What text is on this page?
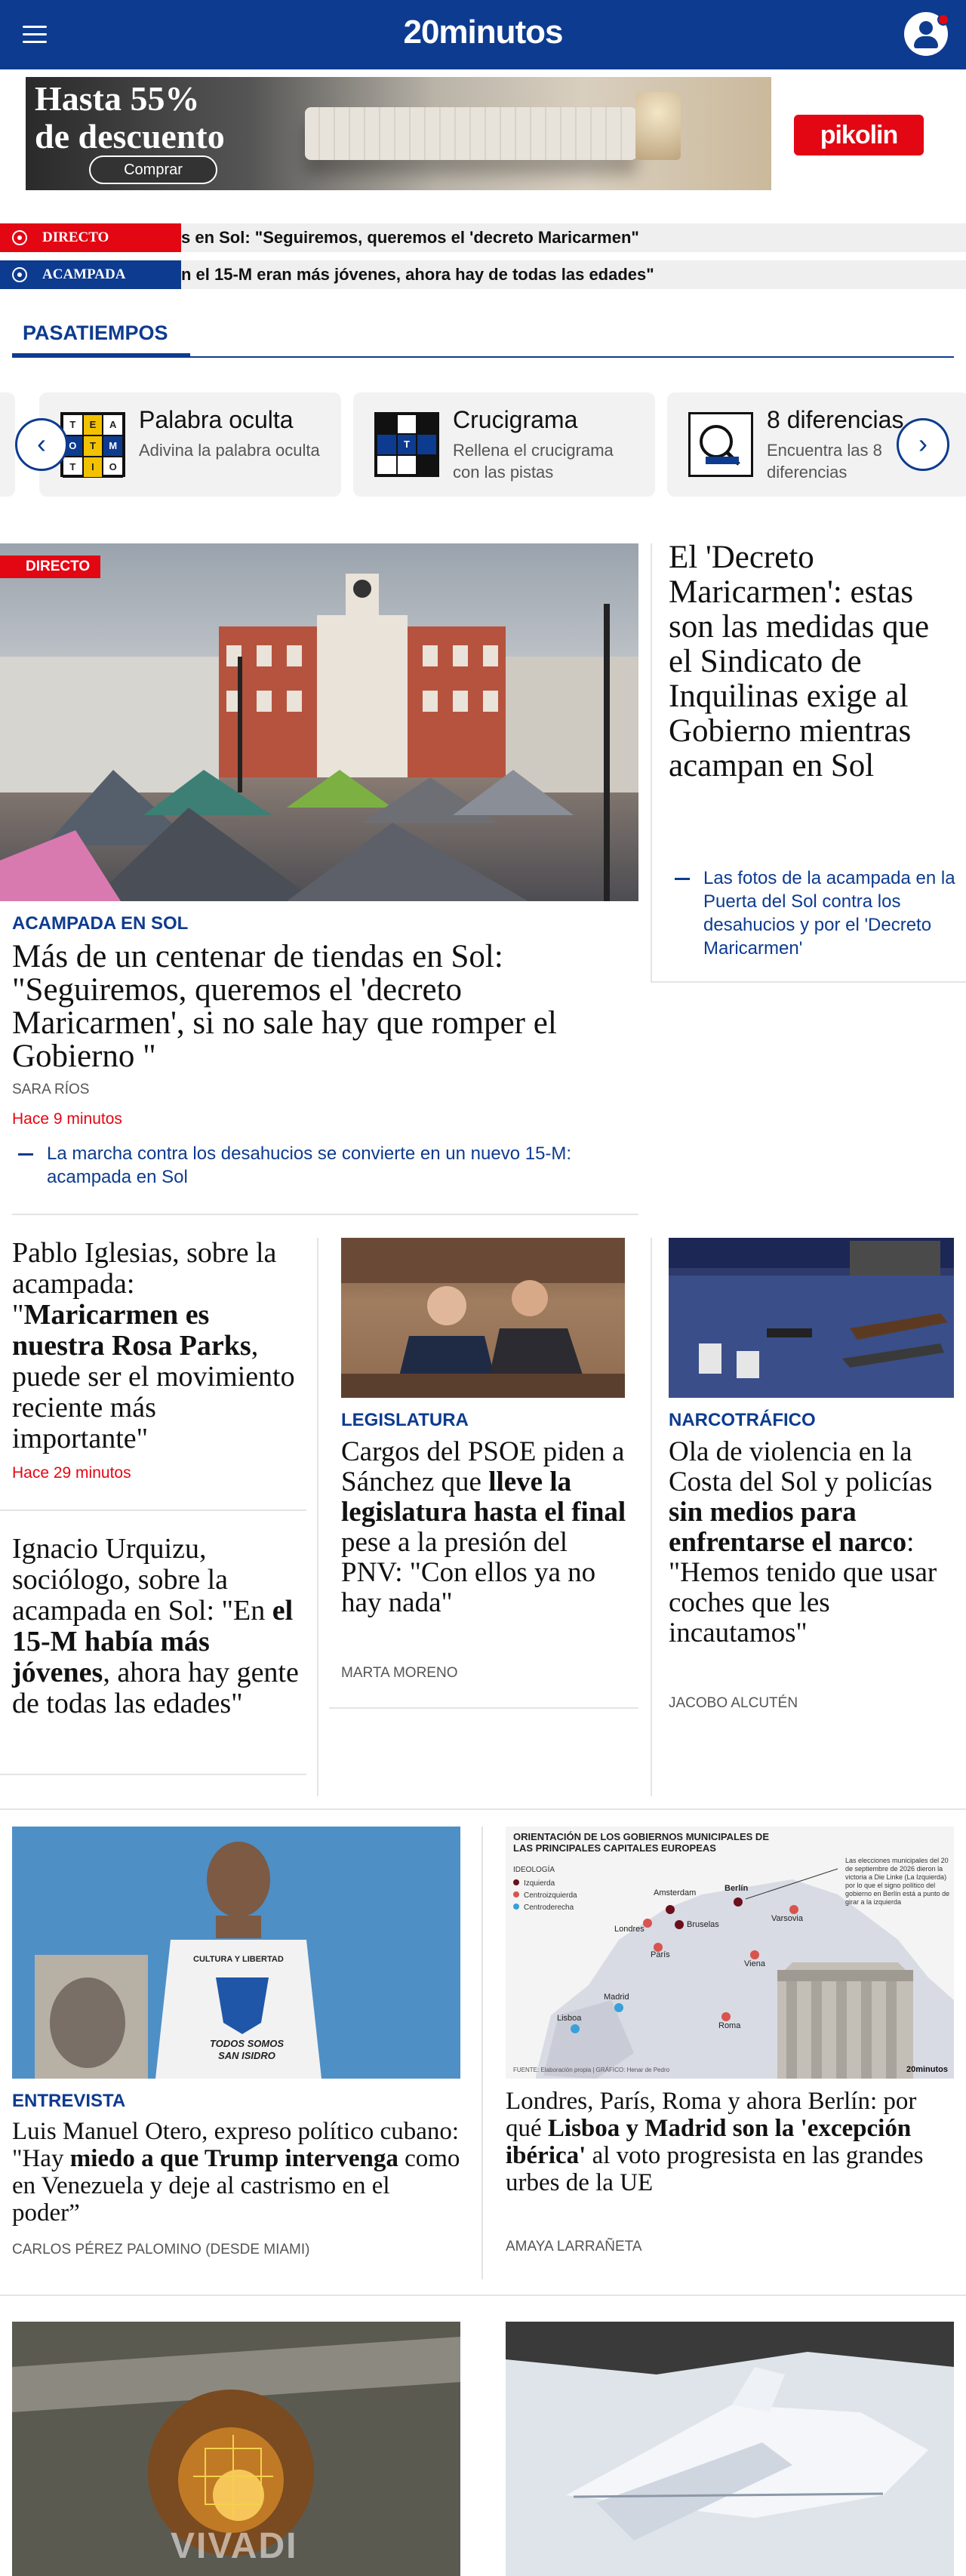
20minutos
Hasta 55%
de descuento
Comprar
pikolin
DIRECTO	s en Sol: "Seguiremos, queremos el 'decreto Maricarmen"
ACAMPADA	n el 15-M eran más jóvenes, ahora hay de todas las edades"
PASATIEMPOS
T	E	A
O	T	M
T	I	O
Palabra oculta
Adivina la palabra oculta	T
Crucigrama
Rellena el crucigrama con las pistas
8 diferencias
Encuentra las 8 diferencias
‹	›
DIRECTO
ACAMPADA EN SOL
Más de un centenar de tiendas en Sol: "Seguiremos, queremos el 'decreto Maricarmen', si no sale hay que romper el Gobierno "
SARA RÍOS
Hace 9 minutos
La marcha contra los desahucios se convierte en un nuevo 15-M: acampada en Sol
El 'Decreto Maricarmen': estas son las medidas que el Sindicato de Inquilinas exige al Gobierno mientras acampan en Sol
Las fotos de la acampada en la Puerta del Sol contra los desahucios y por el 'Decreto Maricarmen'
Pablo Iglesias, sobre la acampada: "Maricarmen es nuestra Rosa Parks, puede ser el movimiento reciente más importante"
Hace 29 minutos
Ignacio Urquizu, sociólogo, sobre la acampada en Sol: "En el 15-M había más jóvenes, ahora hay gente de todas las edades"
LEGISLATURA
Cargos del PSOE piden a Sánchez que lleve la legislatura hasta el final pese a la presión del PNV: "Con ellos ya no hay nada"
MARTA MORENO
NARCOTRÁFICO
Ola de violencia en la Costa del Sol y policías sin medios para enfrentarse el narco: "Hemos tenido que usar coches que les incautamos"
JACOBO ALCUTÉN
CULTURA Y LIBERTAD
TODOS SOMOS
SAN ISIDRO
ENTREVISTA
Luis Manuel Otero, expreso político cubano: "Hay miedo a que Trump intervenga como en Venezuela y deje al castrismo en el poder”
CARLOS PÉREZ PALOMINO (DESDE MIAMI)
ORIENTACIÓN DE LOS GOBIERNOS MUNICIPALES DE LAS PRINCIPALES CAPITALES EUROPEAS
IDEOLOGÍA
Izquierda
Centroizquierda
Centroderecha
Las elecciones municipales del 20 de septiembre de 2026 dieron la victoria a Die Linke (La Izquierda) por lo que el signo político del gobierno en Berlín está a punto de girar a la izquierda
Amsterdam	Berlín
Londres	Bruselas
Varsovia
París
Viena
Madrid
Roma
Lisboa
FUENTE: Elaboración propia | GRÁFICO: Henar de Pedro	20minutos
Londres, París, Roma y ahora Berlín: por qué Lisboa y Madrid son la 'excepción ibérica' al voto progresista en las grandes urbes de la UE
AMAYA LARRAÑETA
VIVADI
